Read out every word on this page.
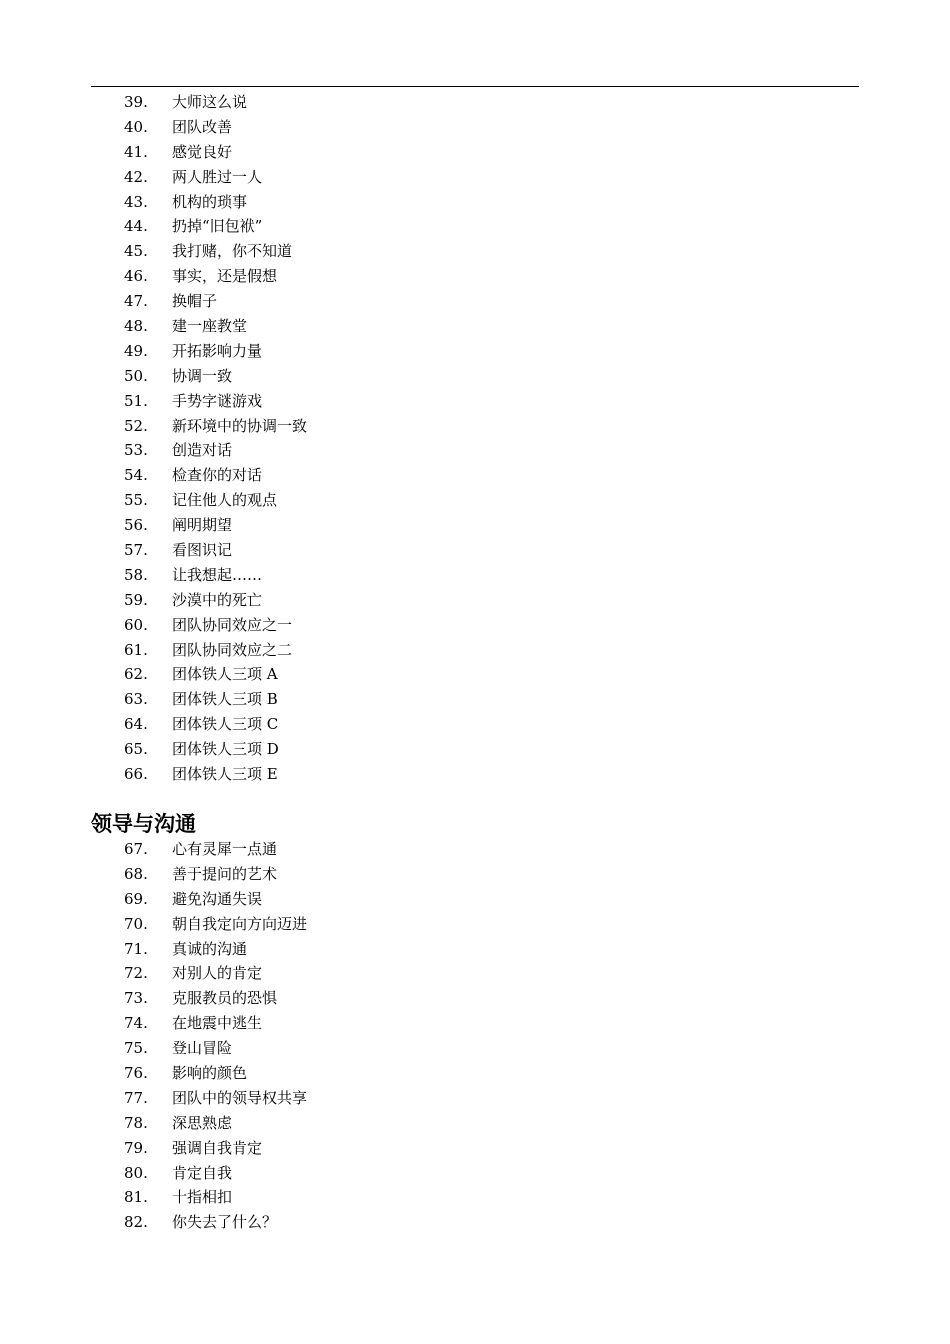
39. 大师这么说
40. 团队改善
41. 感觉良好
42. 两人胜过一人
43. 机构的琐事
44. 扔掉“旧包袱”
45. 我打赌，你不知道
46. 事实，还是假想
47. 换帽子
48. 建一座教堂
49. 开拓影响力量
50. 协调一致
51. 手势字谜游戏
52. 新环境中的协调一致
53. 创造对话
54. 检查你的对话
55. 记住他人的观点
56. 阐明期望
57. 看图识记
58. 让我想起……
59. 沙漠中的死亡
60. 团队协同效应之一
61. 团队协同效应之二
62. 团体铁人三项 A
63. 团体铁人三项 B
64. 团体铁人三项 C
65. 团体铁人三项 D
66. 团体铁人三项 E
领导与沟通
67. 心有灵犀一点通
68. 善于提问的艺术
69. 避免沟通失误
70. 朝自我定向方向迈进
71. 真诚的沟通
72. 对别人的肯定
73. 克服教员的恐惧
74. 在地震中逃生
75. 登山冒险
76. 影响的颜色
77. 团队中的领导权共享
78. 深思熟虑
79. 强调自我肯定
80. 肯定自我
81. 十指相扣
82. 你失去了什么？
